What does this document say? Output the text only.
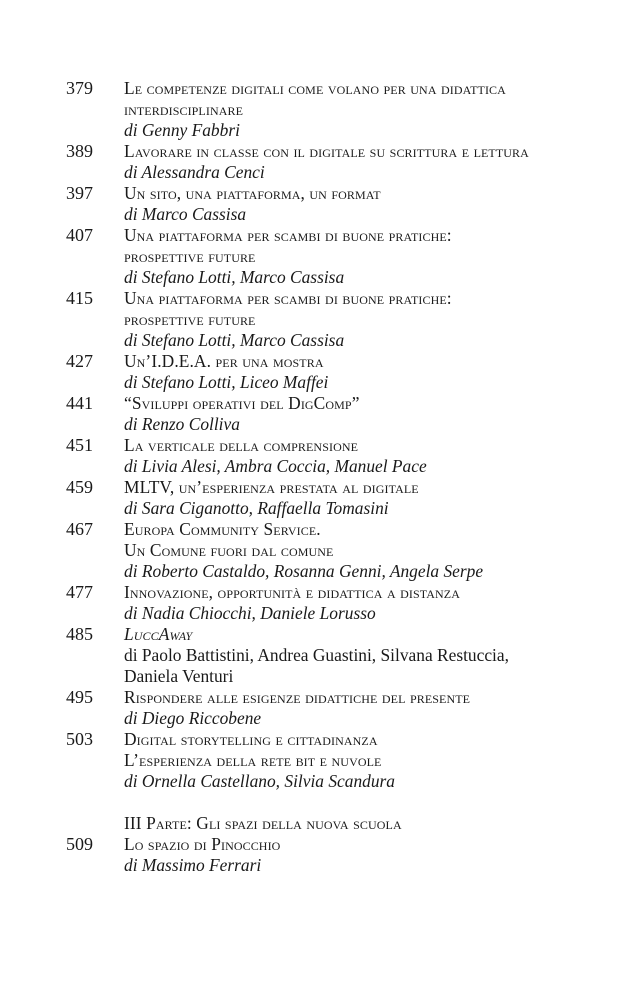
379 Le competenze digitali come volano per una didattica
interdisciplinare
di Genny Fabbri
389 Lavorare in classe con il digitale su scrittura e lettura
di Alessandra Cenci
397 Un sito, una piattaforma, un format
di Marco Cassisa
407 Una piattaforma per scambi di buone pratiche:
prospettive future
di Stefano Lotti, Marco Cassisa
415 Una piattaforma per scambi di buone pratiche:
prospettive future
di Stefano Lotti, Marco Cassisa
427 Un’I.D.E.A. per una mostra
di Stefano Lotti, Liceo Maffei
441 “Sviluppi operativi del DigComp”
di Renzo Colliva
451 La verticale della comprensione
di Livia Alesi, Ambra Coccia, Manuel Pace
459 MLTV, un’esperienza prestata al digitale
di Sara Ciganotto, Raffaella Tomasini
467 Europa Community Service.
Un Comune fuori dal comune
di Roberto Castaldo, Rosanna Genni, Angela Serpe
477 Innovazione, opportunità e didattica a distanza
di Nadia Chiocchi, Daniele Lorusso
485 LuccAway
di Paolo Battistini, Andrea Guastini, Silvana Restuccia,
Daniela Venturi
495 Rispondere alle esigenze didattiche del presente
di Diego Riccobene
503 Digital storytelling e cittadinanza
L’esperienza della rete bit e nuvole
di Ornella Castellano, Silvia Scandura
III Parte: Gli spazi della nuova scuola
509 Lo spazio di Pinocchio
di Massimo Ferrari
